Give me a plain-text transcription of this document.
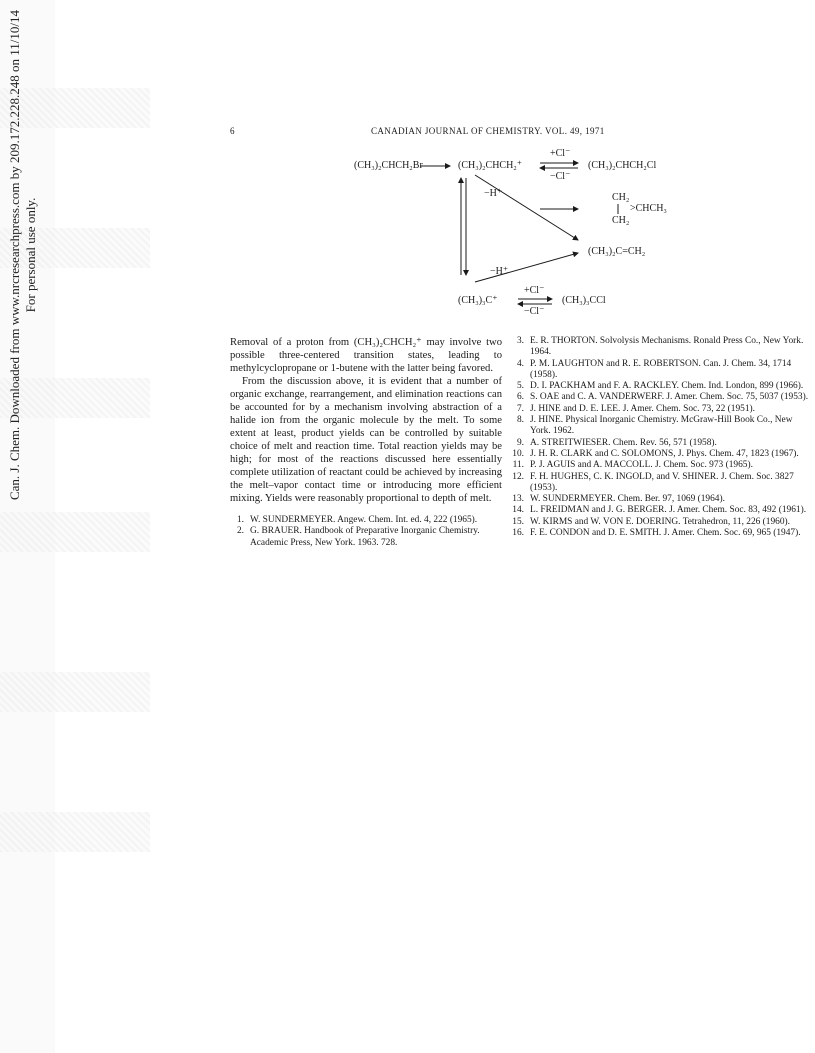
Can. J. Chem. Downloaded from www.nrcresearchpress.com by 209.172.228.248 on 11/10/14 For personal use only.
6	CANADIAN JOURNAL OF CHEMISTRY. VOL. 49, 1971
(CH₃)₂CHCH₂Br	(CH₃)₂CHCH₂⁺
+Cl⁻
−Cl⁻
(CH₃)₂CHCH₂Cl
−H⁺	CH₂
>CHCH₃
CH₂
(CH₃)₂C=CH₂
−H⁺
(CH₃)₃C⁺
+Cl⁻
−Cl⁻
(CH₃)₃CCl

Removal of a proton from (CH₃)₂CHCH₂⁺ may involve two possible three-centered transition states, leading to methylcyclopropane or 1-butene with the latter being favored.

From the discussion above, it is evident that a number of organic exchange, rearrangement, and elimination reactions can be accounted for by a mechanism involving abstraction of a halide ion from the organic molecule by the melt. To some extent at least, product yields can be controlled by suitable choice of melt and reaction time. Total reaction yields may be high; for most of the reactions discussed here essentially complete utilization of reactant could be achieved by increasing the melt–vapor contact time or introducing more efficient mixing. Yields were reasonably proportional to depth of melt.

1. W. SUNDERMEYER. Angew. Chem. Int. ed. 4, 222 (1965).
2. G. BRAUER. Handbook of Preparative Inorganic Chemistry. Academic Press, New York. 1963. 728.
3. E. R. THORTON. Solvolysis Mechanisms. Ronald Press Co., New York. 1964.
4. P. M. LAUGHTON and R. E. ROBERTSON. Can. J. Chem. 34, 1714 (1958).
5. D. I. PACKHAM and F. A. RACKLEY. Chem. Ind. London, 899 (1966).
6. S. OAE and C. A. VANDERWERF. J. Amer. Chem. Soc. 75, 5037 (1953).
7. J. HINE and D. E. LEE. J. Amer. Chem. Soc. 73, 22 (1951).
8. J. HINE. Physical Inorganic Chemistry. McGraw-Hill Book Co., New York. 1962.
9. A. STREITWIESER. Chem. Rev. 56, 571 (1958).
10. J. H. R. CLARK and C. SOLOMONS, J. Phys. Chem. 47, 1823 (1967).
11. P. J. AGUIS and A. MACCOLL. J. Chem. Soc. 973 (1965).
12. F. H. HUGHES, C. K. INGOLD, and V. SHINER. J. Chem. Soc. 3827 (1953).
13. W. SUNDERMEYER. Chem. Ber. 97, 1069 (1964).
14. L. FREIDMAN and J. G. BERGER. J. Amer. Chem. Soc. 83, 492 (1961).
15. W. KIRMS and W. VON E. DOERING. Tetrahedron, 11, 226 (1960).
16. F. E. CONDON and D. E. SMITH. J. Amer. Chem. Soc. 69, 965 (1947).
